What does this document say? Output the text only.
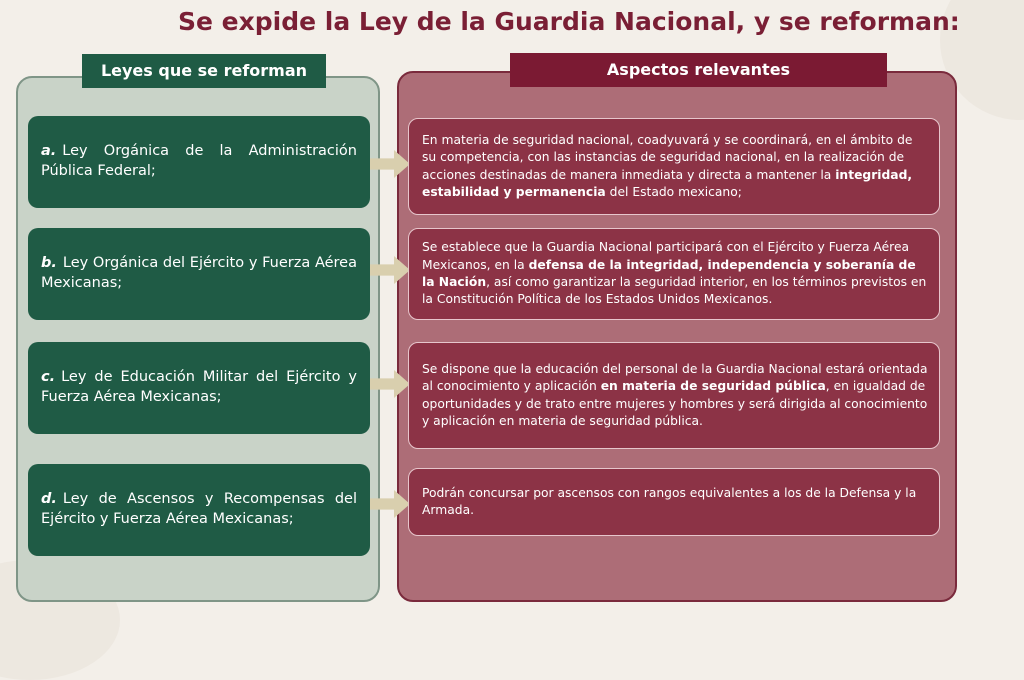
Se expide la Ley de la Guardia Nacional, y se reforman:
Leyes que se reforman	Aspectos relevantes
a. Ley Orgánica de la Administración Pública Federal;
b. Ley Orgánica del Ejército y Fuerza Aérea Mexicanas;
c. Ley de Educación Militar del Ejército y Fuerza Aérea Mexicanas;
d. Ley de Ascensos y Recompensas del Ejército y Fuerza Aérea Mexicanas;
En materia de seguridad nacional, coadyuvará y se coordinará, en el ámbito de su competencia, con las instancias de seguridad nacional, en la realización de acciones destinadas de manera inmediata y directa a mantener la integridad, estabilidad y permanencia del Estado mexicano;
Se establece que la Guardia Nacional participará con el Ejército y Fuerza Aérea Mexicanos, en la defensa de la integridad, independencia y soberanía de la Nación, así como garantizar la seguridad interior, en los términos previstos en la Constitución Política de los Estados Unidos Mexicanos.
Se dispone que la educación del personal de la Guardia Nacional estará orientada al conocimiento y aplicación en materia de seguridad pública, en igualdad de oportunidades y de trato entre mujeres y hombres y será dirigida al conocimiento y aplicación en materia de seguridad pública.
Podrán concursar por ascensos con rangos equivalentes a los de la Defensa y la Armada.
